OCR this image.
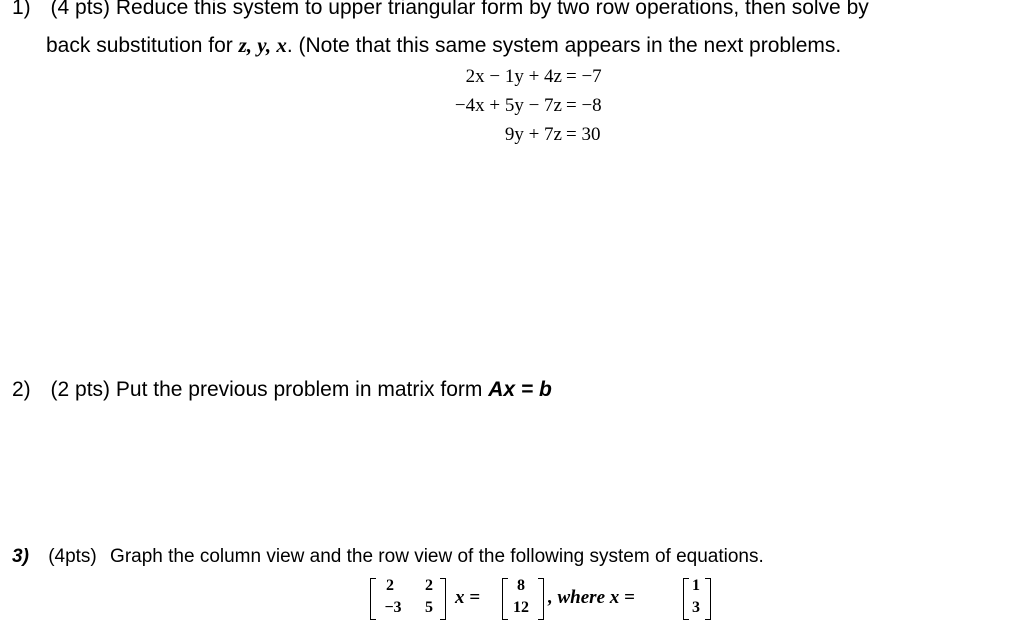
1) (4 pts) Reduce this system to upper triangular form by two row operations, then solve by
back substitution for z, y, x. (Note that this same system appears in the next problems.
2x − 1y + 4z = −7
−4x + 5y − 7z = −8
9y + 7z = 30
2) (2 pts) Put the previous problem in matrix form Ax = b
3) (4pts) Graph the column view and the row view of the following system of equations.
2	2
−3	5 x =
8
12	, where x =
1
3
